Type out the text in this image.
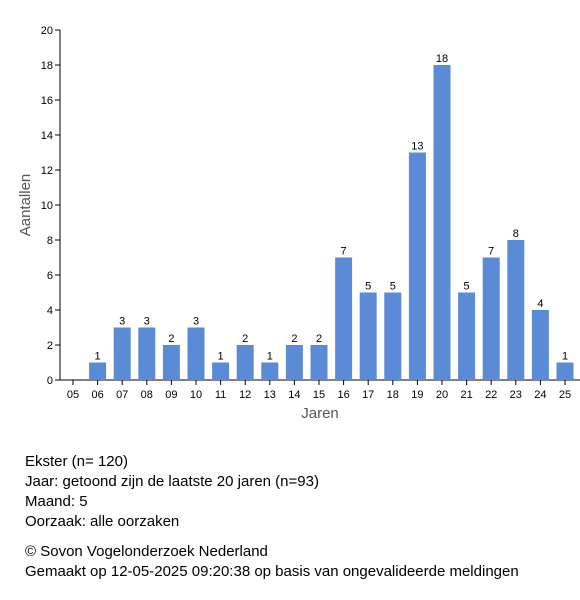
0
2
4
6
8
10
12
14
16
18
20
05 06 07 08 09 10 11 12 13 14 15 16 17 18 19 20 21 22 23 24 25
1
3 3
2
3
1
2
1
2 2
7
5 5
13
18
5
7
8
4
1
Jaren
Aantallen
Ekster (n= 120)
Jaar: getoond zijn de laatste 20 jaren (n=93)
Maand: 5
Oorzaak: alle oorzaken
© Sovon Vogelonderzoek Nederland
Gemaakt op 12-05-2025 09:20:38 op basis van ongevalideerde meldingen
